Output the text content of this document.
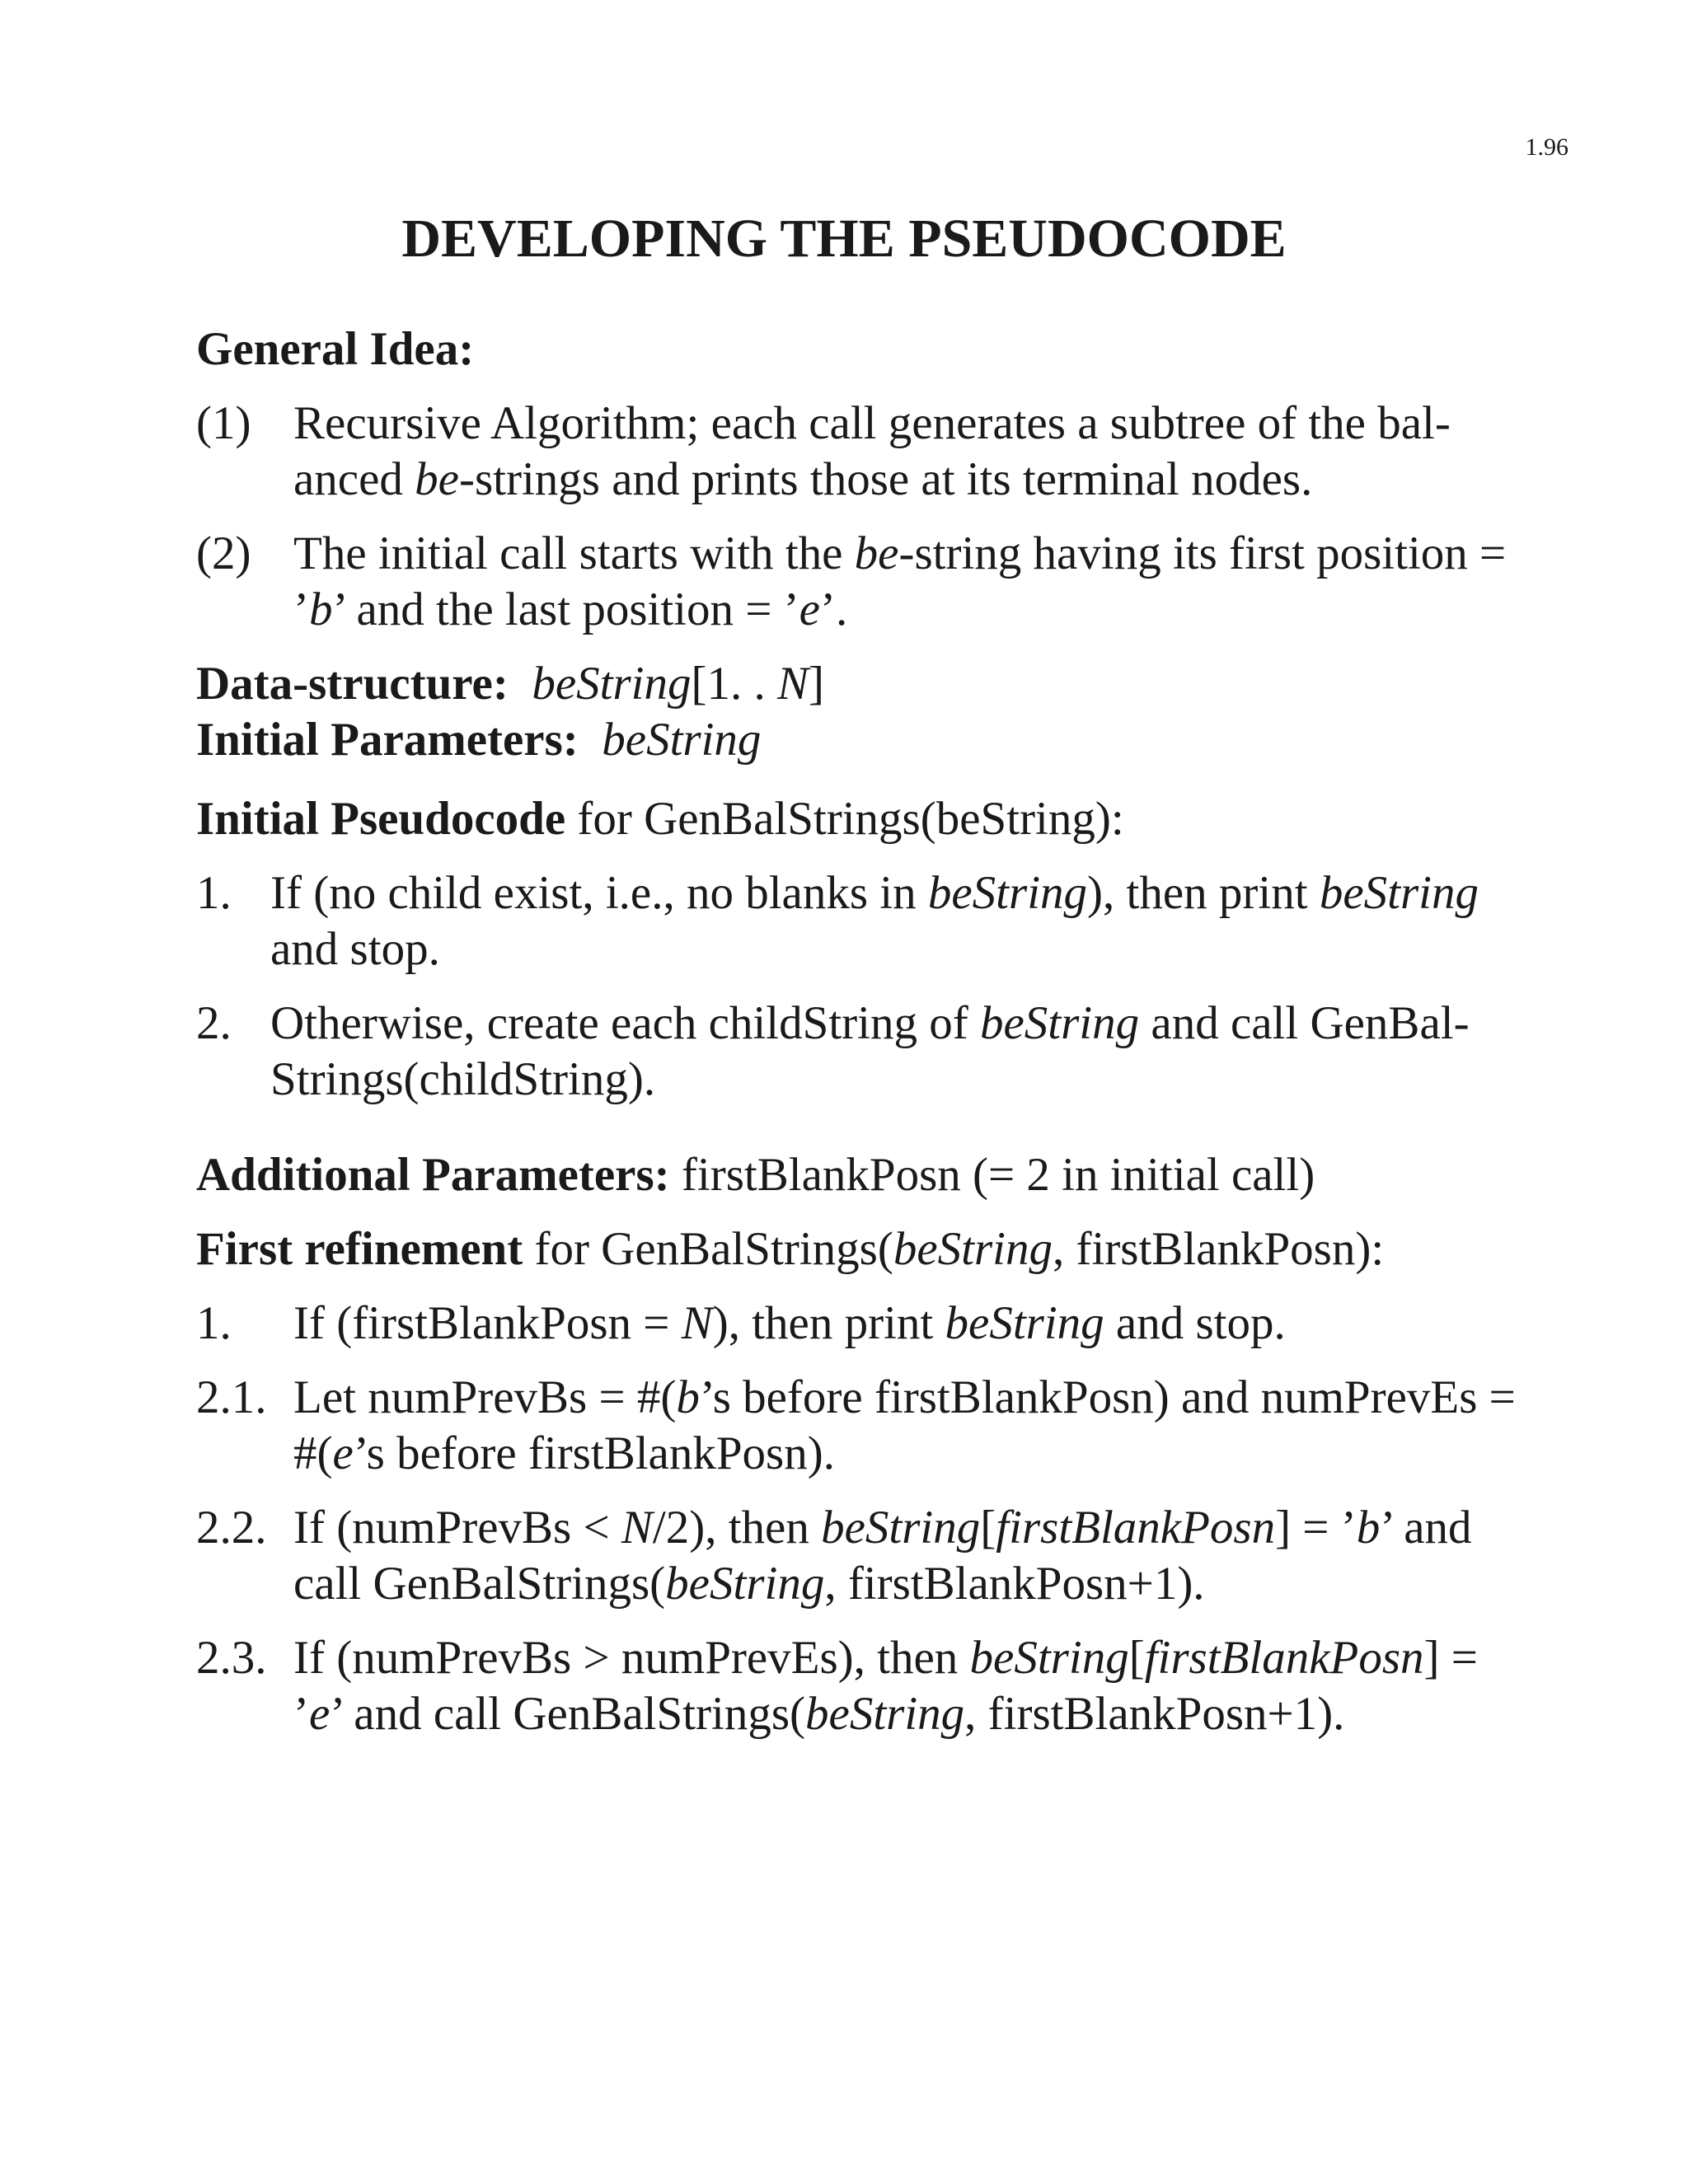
1.96
DEVELOPING THE PSEUDOCODE
General Idea:
(1) Recursive Algorithm; each call generates a subtree of the bal-
anced be-strings and prints those at its terminal nodes.
(2) The initial call starts with the be-string having its first position =
’b’ and the last position = ’e’.
Data-structure: beString[1. . N]
Initial Parameters: beString
Initial Pseudocode for GenBalStrings(beString):
1. If (no child exist, i.e., no blanks in beString), then print beString
and stop.
2. Otherwise, create each childString of beString and call GenBal-
Strings(childString).
Additional Parameters: firstBlankPosn (= 2 in initial call)
First refinement for GenBalStrings(beString, firstBlankPosn):
1. If (firstBlankPosn = N), then print beString and stop.
2.1. Let numPrevBs = #(b’s before firstBlankPosn) and numPrevEs =
#(e’s before firstBlankPosn).
2.2. If (numPrevBs < N/2), then beString[firstBlankPosn] = ’b’ and
call GenBalStrings(beString, firstBlankPosn+1).
2.3. If (numPrevBs > numPrevEs), then beString[firstBlankPosn] =
’e’ and call GenBalStrings(beString, firstBlankPosn+1).
